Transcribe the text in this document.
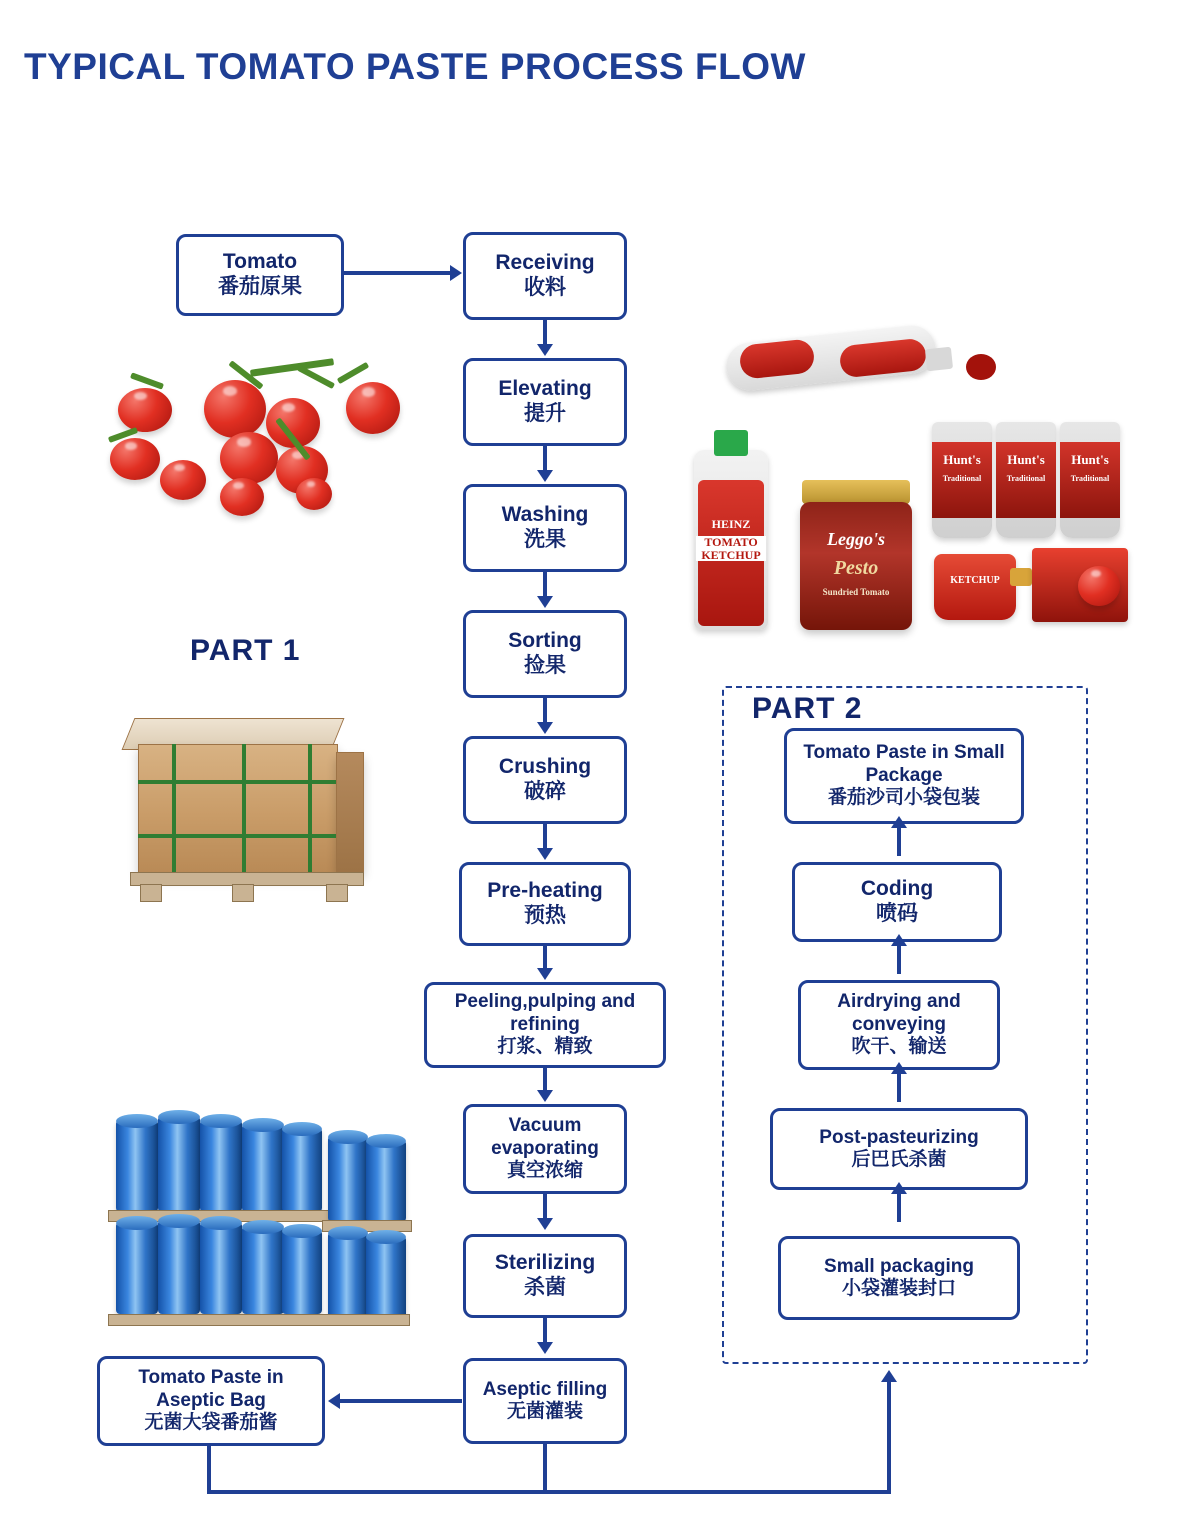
TYPICAL TOMATO PASTE PROCESS FLOW
PART 1
HEINZ
TOMATO
KETCHUP
Leggo's
Pesto
Sundried Tomato
Hunt's
Traditional
Hunt's
Traditional
Hunt's
Traditional
KETCHUP
PART 2
Tomato
番茄原果
Receiving
收料
Elevating
提升
Washing
洗果
Sorting
捡果
Crushing
破碎
Pre-heating
预热
Peeling,pulping and refining
打浆、精致
Vacuum evaporating
真空浓缩
Sterilizing
杀菌
Aseptic filling
无菌灌装
Tomato Paste in Aseptic Bag
无菌大袋番茄酱
Small packaging
小袋灌装封口
Post-pasteurizing
后巴氏杀菌
Airdrying and conveying
吹干、输送
Coding
喷码
Tomato Paste in Small Package
番茄沙司小袋包装
